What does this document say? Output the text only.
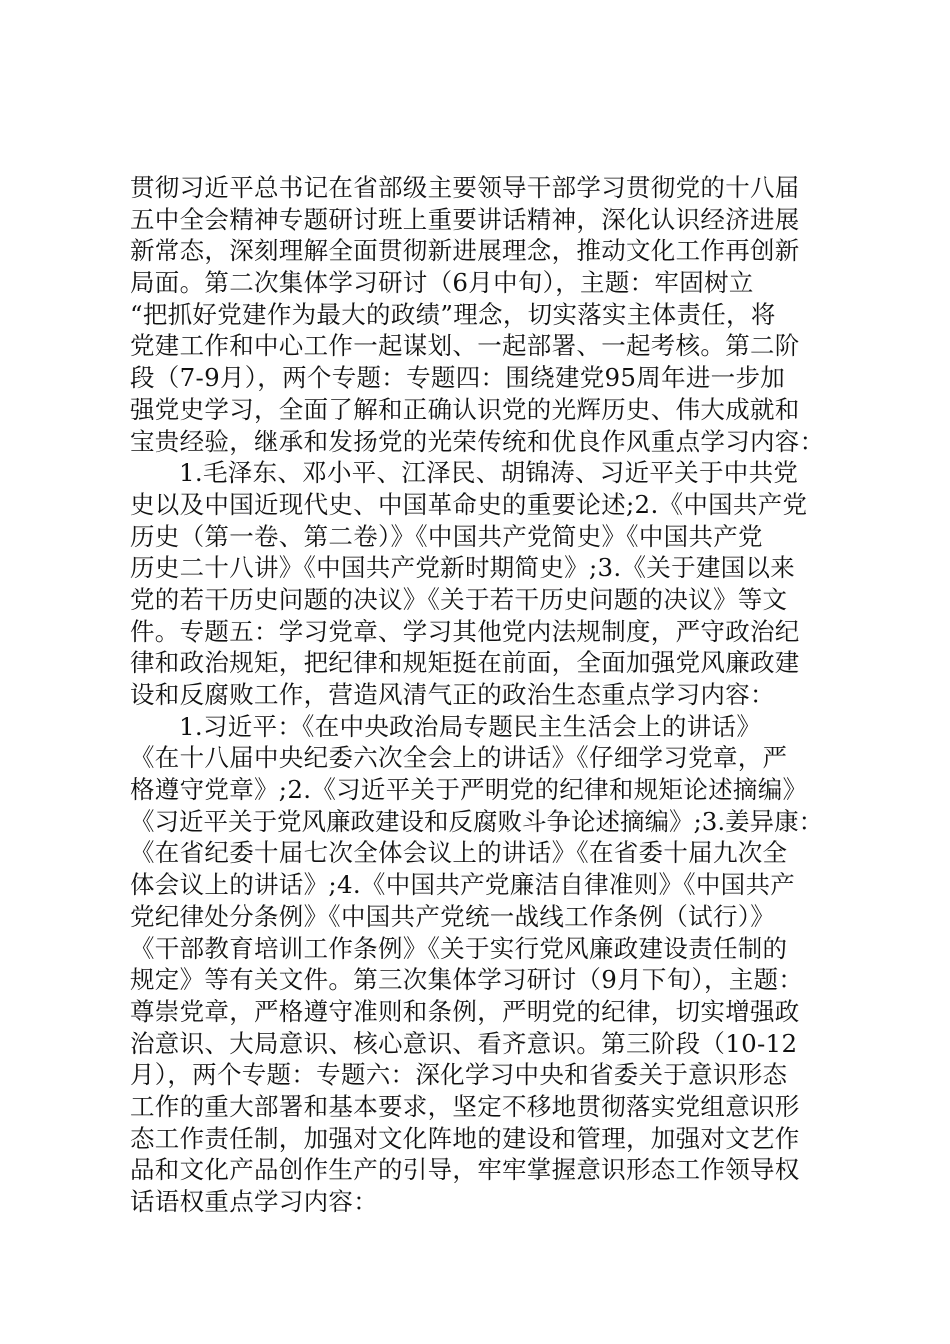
贯彻习近平总书记在省部级主要领导干部学习贯彻党的十八届
五中全会精神专题研讨班上重要讲话精神，深化认识经济进展
新常态，深刻理解全面贯彻新进展理念，推动文化工作再创新
局面。第二次集体学习研讨（6月中旬），主题：牢固树立
“把抓好党建作为最大的政绩”理念，切实落实主体责任，将
党建工作和中心工作一起谋划、一起部署、一起考核。第二阶
段（7-9月），两个专题：专题四：围绕建党95周年进一步加
强党史学习，全面了解和正确认识党的光辉历史、伟大成就和
宝贵经验，继承和发扬党的光荣传统和优良作风重点学习内容：
1.毛泽东、邓小平、江泽民、胡锦涛、习近平关于中共党
史以及中国近现代史、中国革命史的重要论述;2.《中国共产党
历史（第一卷、第二卷）》《中国共产党简史》《中国共产党
历史二十八讲》《中国共产党新时期简史》;3.《关于建国以来
党的若干历史问题的决议》《关于若干历史问题的决议》等文
件。专题五：学习党章、学习其他党内法规制度，严守政治纪
律和政治规矩，把纪律和规矩挺在前面，全面加强党风廉政建
设和反腐败工作，营造风清气正的政治生态重点学习内容：
1.习近平：《在中央政治局专题民主生活会上的讲话》
《在十八届中央纪委六次全会上的讲话》《仔细学习党章，严
格遵守党章》;2.《习近平关于严明党的纪律和规矩论述摘编》
《习近平关于党风廉政建设和反腐败斗争论述摘编》;3.姜异康：
《在省纪委十届七次全体会议上的讲话》《在省委十届九次全
体会议上的讲话》;4.《中国共产党廉洁自律准则》《中国共产
党纪律处分条例》《中国共产党统一战线工作条例（试行）》
《干部教育培训工作条例》《关于实行党风廉政建设责任制的
规定》等有关文件。第三次集体学习研讨（9月下旬），主题：
尊崇党章，严格遵守准则和条例，严明党的纪律，切实增强政
治意识、大局意识、核心意识、看齐意识。第三阶段（10-12
月），两个专题：专题六：深化学习中央和省委关于意识形态
工作的重大部署和基本要求，坚定不移地贯彻落实党组意识形
态工作责任制，加强对文化阵地的建设和管理，加强对文艺作
品和文化产品创作生产的引导，牢牢掌握意识形态工作领导权
话语权重点学习内容：
